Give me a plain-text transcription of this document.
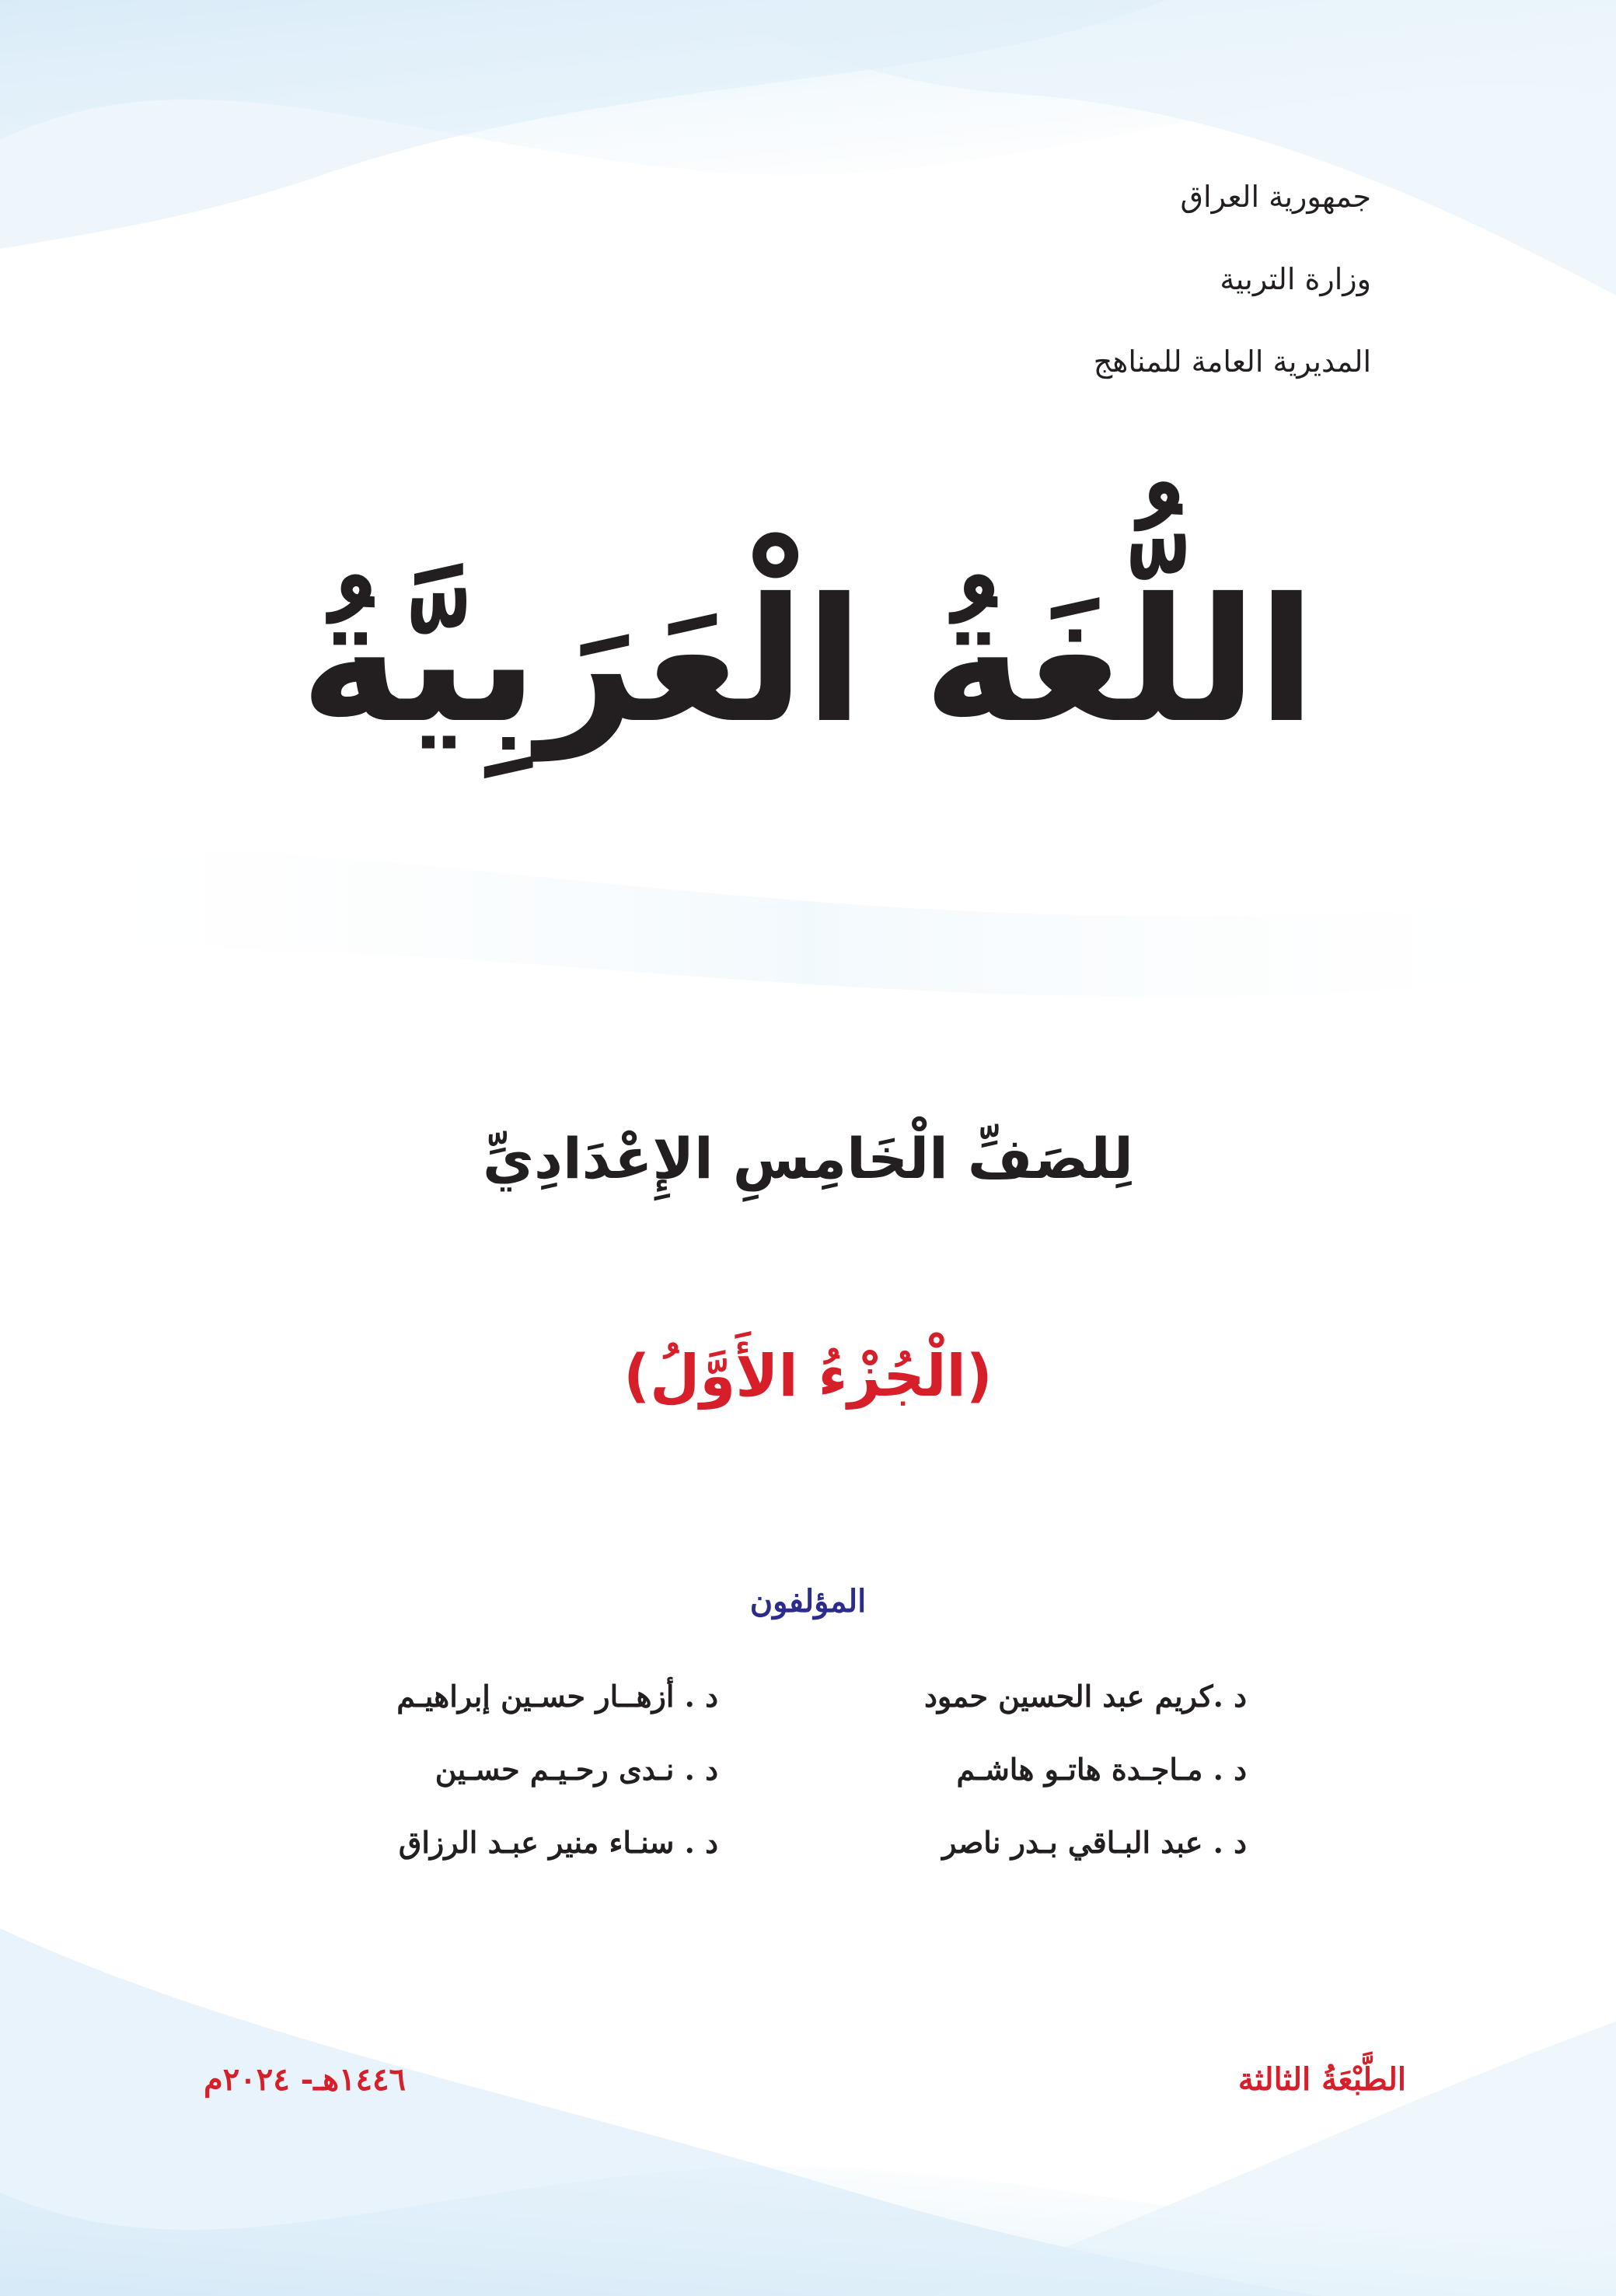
جمهورية العراق
وزارة التربية
المديرية العامة للمناهج
اللُّغَةُ الْعَرَبِيَّةُ
لِلصَفِّ الْخَامِسِ الإِعْدَادِيِّ
(الْجُزْءُ الأَوَّلُ)
المؤلفون
د .كريم عبد الحسين حمود
د . مـاجـدة هاتـو هاشـم
د . عبد البـاقي بـدر ناصر
د . أزهــار حسـين إبراهيـم
د . نـدى رحـيـم حسـين
د . سنـاء منير عبـد الرزاق
الطَّبْعَةُ الثالثة
١٤٤٦هـ- ٢٠٢٤م
